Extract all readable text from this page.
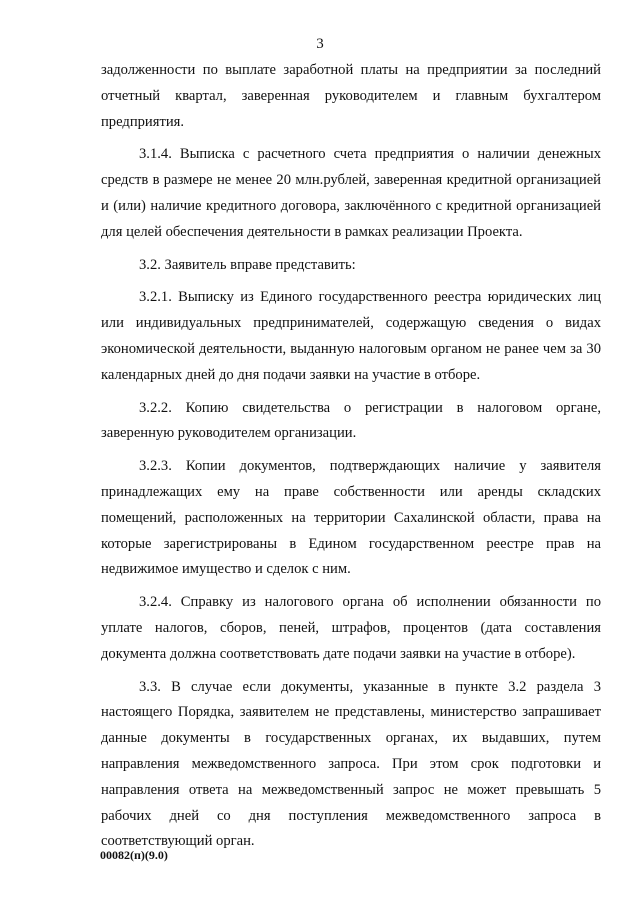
3

задолженности по выплате заработной платы на предприятии за последний отчетный квартал, заверенная руководителем и главным бухгалтером предприятия.

3.1.4. Выписка с расчетного счета предприятия о наличии денежных средств в размере не менее 20 млн.рублей, заверенная кредитной организацией и (или) наличие кредитного договора, заключённого с кредитной организацией для целей обеспечения деятельности в рамках реализации Проекта.

3.2. Заявитель вправе представить:

3.2.1. Выписку из Единого государственного реестра юридических лиц или индивидуальных предпринимателей, содержащую сведения о видах экономической деятельности, выданную налоговым органом не ранее чем за 30 календарных дней до дня подачи заявки на участие в отборе.

3.2.2. Копию свидетельства о регистрации в налоговом органе, заверенную руководителем организации.

3.2.3. Копии документов, подтверждающих наличие у заявителя принадлежащих ему на праве собственности или аренды складских помещений, расположенных на территории Сахалинской области, права на которые зарегистрированы в Едином государственном реестре прав на недвижимое имущество и сделок с ним.

3.2.4. Справку из налогового органа об исполнении обязанности по уплате налогов, сборов, пеней, штрафов, процентов (дата составления документа должна соответствовать дате подачи заявки на участие в отборе).

3.3. В случае если документы, указанные в пункте 3.2 раздела 3 настоящего Порядка, заявителем не представлены, министерство запрашивает данные документы в государственных органах, их выдавших, путем направления межведомственного запроса. При этом срок подготовки и направления ответа на межведомственный запрос не может превышать 5 рабочих дней со дня поступления межведомственного запроса в соответствующий орган.

00082(п)(9.0)
